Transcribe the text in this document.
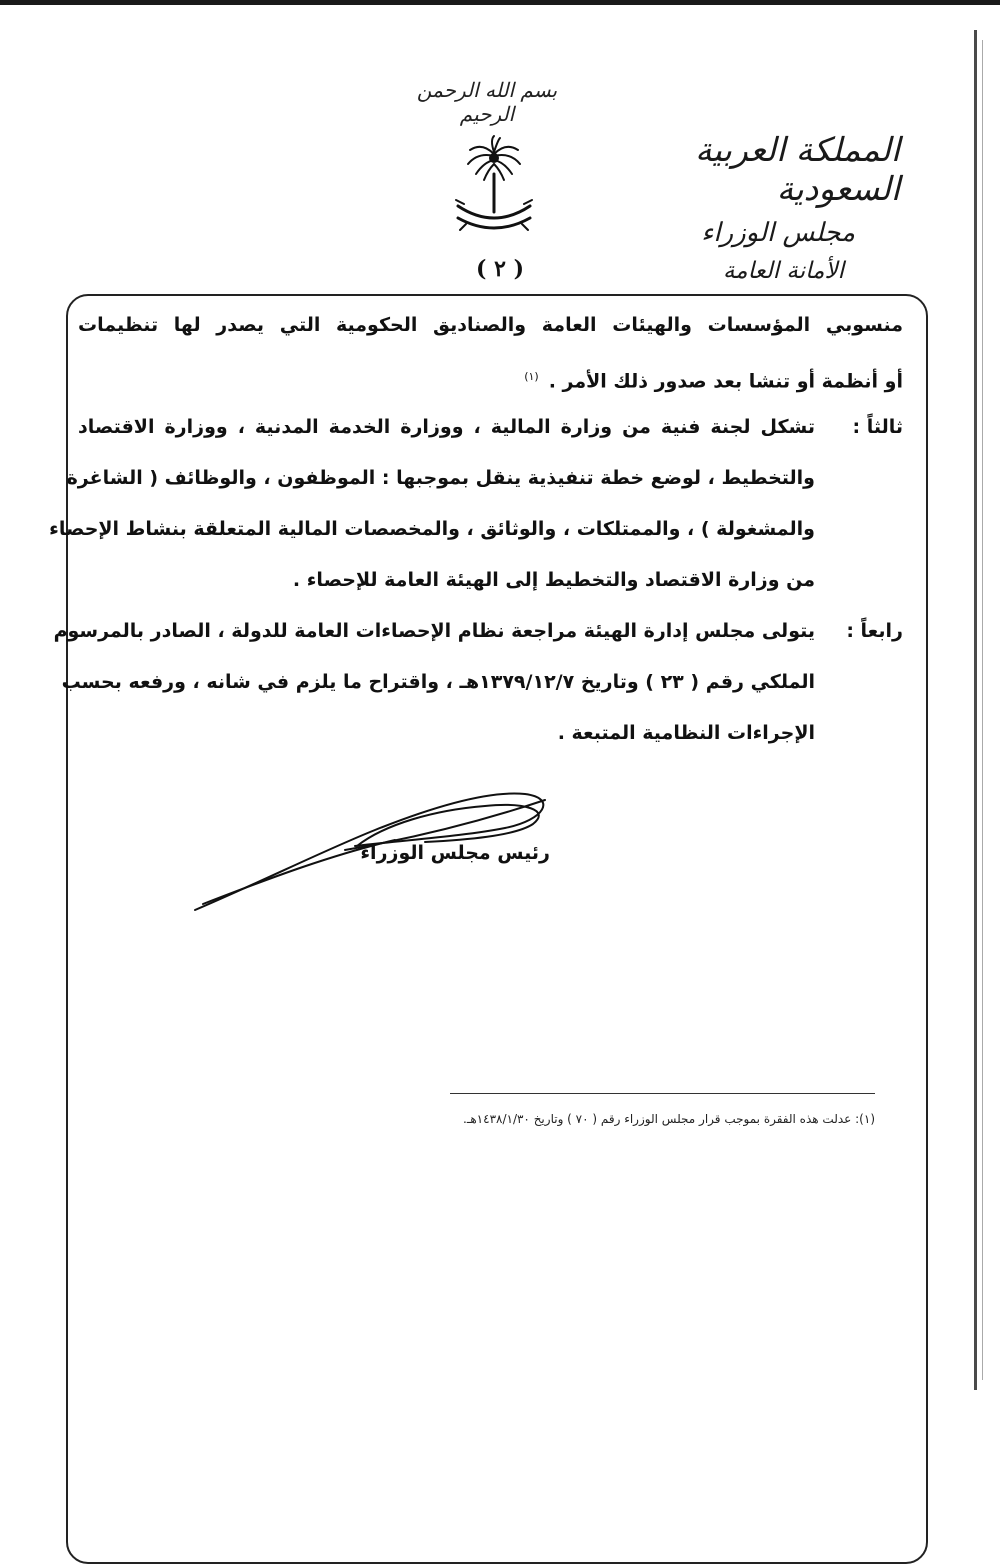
بسم الله الرحمن الرحيم
المملكة العربية السعودية
مجلس الوزراء
الأمانة العامة
( ٢ )
منسوبي المؤسسات والهيئات العامة والصناديق الحكومية التي يصدر لها تنظيمات
أو أنظمة أو تنشا بعد صدور ذلك الأمر .$^{(١)}$
ثالثاً :
تشكل لجنة فنية من وزارة المالية ، ووزارة الخدمة المدنية ، ووزارة الاقتصاد
والتخطيط ، لوضع خطة تنفيذية ينقل بموجبها : الموظفون ، والوظائف ( الشاغرة
والمشغولة ) ، والممتلكات ، والوثائق ، والمخصصات المالية المتعلقة بنشاط الإحصاء
من وزارة الاقتصاد والتخطيط إلى الهيئة العامة للإحصاء .
رابعاً :
يتولى مجلس إدارة الهيئة مراجعة نظام الإحصاءات العامة للدولة ، الصادر بالمرسوم
الملكي رقم ( ٢٣ ) وتاريخ ١٣٧٩/١٢/٧هـ ، واقتراح ما يلزم في شانه ، ورفعه بحسب
الإجراءات النظامية المتبعة .
رئيس مجلس الوزراء
(١): عدلت هذه الفقرة بموجب قرار مجلس الوزراء رقم ( ٧٠ ) وتاريخ ١٤٣٨/١/٣٠هـ.
